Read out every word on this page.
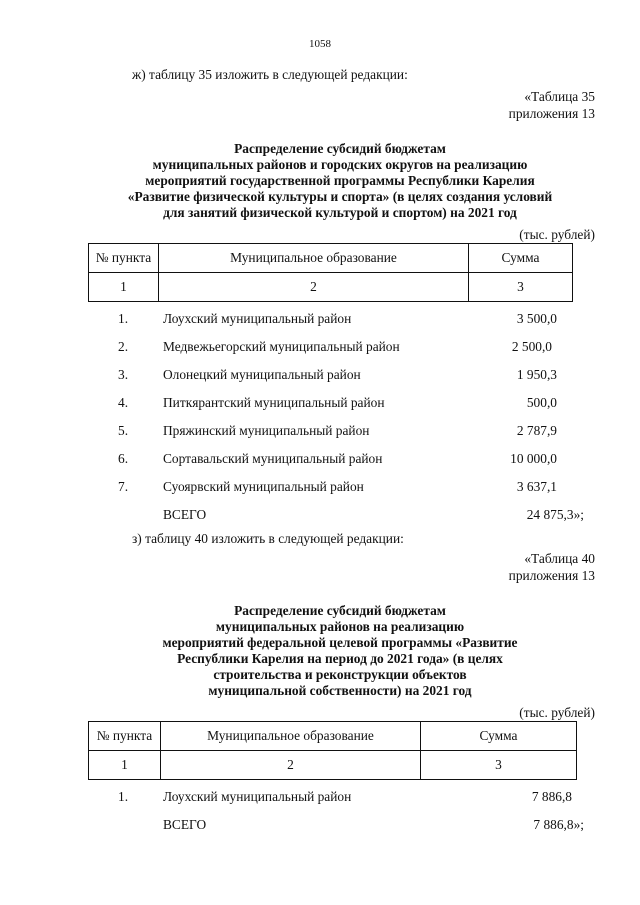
1058
ж) таблицу 35 изложить в следующей редакции:
«Таблица 35
приложения 13
Распределение субсидий бюджетам
муниципальных районов и городских округов на реализацию
мероприятий государственной программы Республики Карелия
«Развитие физической культуры и спорта» (в целях создания условий
для занятий физической культурой и спортом) на 2021 год
(тыс. рублей)
№ пункта	Муниципальное образование	Сумма
1	2	3
1.	Лоухский муниципальный район	3 500,0
2.	Медвежьегорский муниципальный район	2 500,0
3.	Олонецкий муниципальный район	1 950,3
4.	Питкярантский муниципальный район	500,0
5.	Пряжинский муниципальный район	2 787,9
6.	Сортавальский муниципальный район	10 000,0
7.	Суоярвский муниципальный район	3 637,1
ВСЕГО	24 875,3»;
з) таблицу 40 изложить в следующей редакции:
«Таблица 40
приложения 13
Распределение субсидий бюджетам
муниципальных районов на реализацию
мероприятий федеральной целевой программы «Развитие
Республики Карелия на период до 2021 года» (в целях
строительства и реконструкции объектов
муниципальной собственности) на 2021 год
(тыс. рублей)
№ пункта	Муниципальное образование	Сумма
1	2	3
1.	Лоухский муниципальный район	7 886,8
ВСЕГО	7 886,8»;
